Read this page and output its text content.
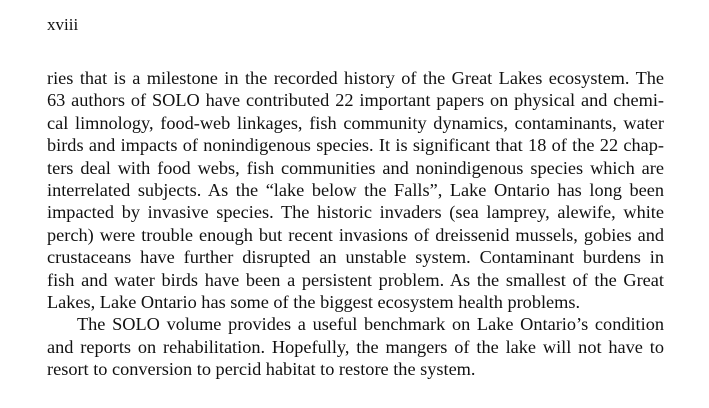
xviii

ries that is a milestone in the recorded history of the Great Lakes ecosystem. The
63 authors of SOLO have contributed 22 important papers on physical and chemi-
cal limnology, food-web linkages, fish community dynamics, contaminants, water
birds and impacts of nonindigenous species. It is significant that 18 of the 22 chap-
ters deal with food webs, fish communities and nonindigenous species which are
interrelated subjects. As the “lake below the Falls”, Lake Ontario has long been
impacted by invasive species. The historic invaders (sea lamprey, alewife, white
perch) were trouble enough but recent invasions of dreissenid mussels, gobies and
crustaceans have further disrupted an unstable system. Contaminant burdens in
fish and water birds have been a persistent problem. As the smallest of the Great
Lakes, Lake Ontario has some of the biggest ecosystem health problems.
The SOLO volume provides a useful benchmark on Lake Ontario’s condition
and reports on rehabilitation. Hopefully, the mangers of the lake will not have to
resort to conversion to percid habitat to restore the system.
